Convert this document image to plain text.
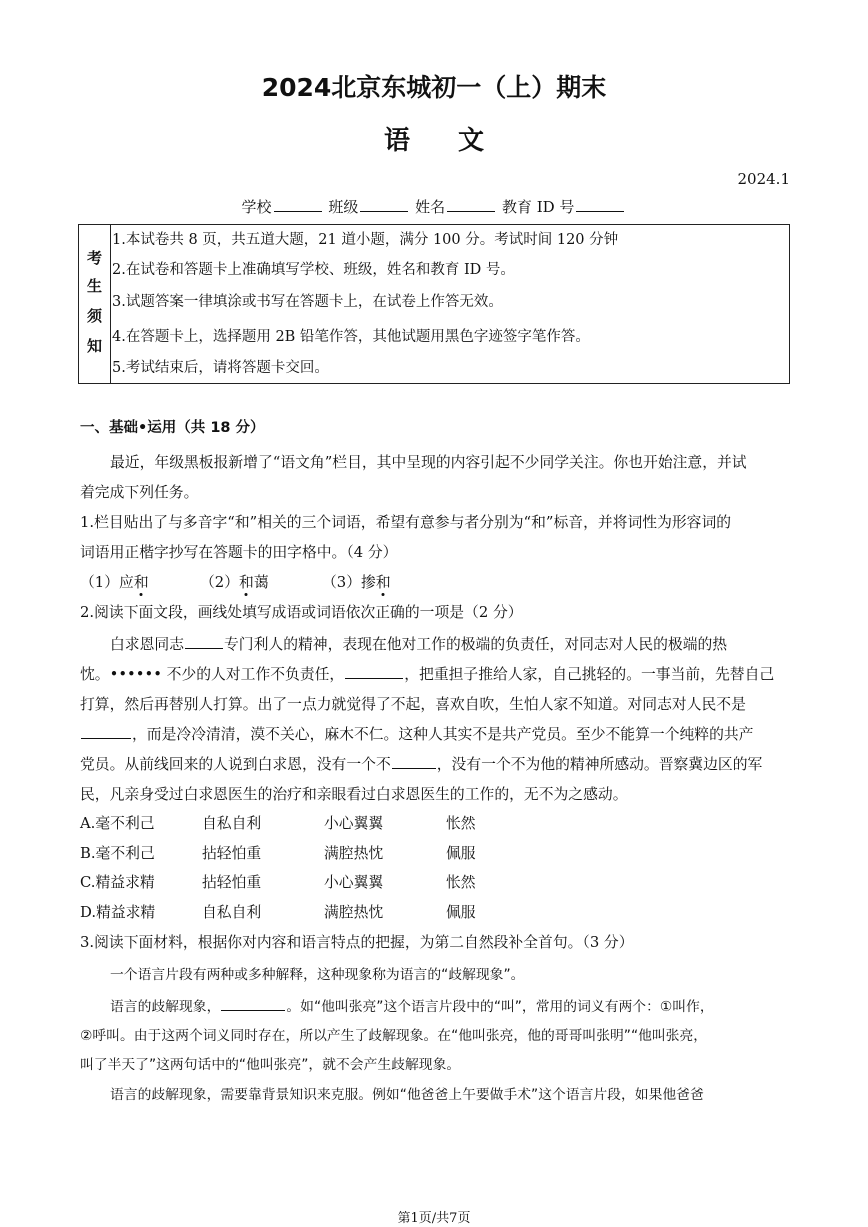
2024北京东城初一（上）期末
语文
2024.1
学校	班级	姓名	教育 ID 号
考
生
须
知
1.本试卷共 8 页，共五道大题，21 道小题，满分 100 分。考试时间 120 分钟
2.在试卷和答题卡上准确填写学校、班级，姓名和教育 ID 号。
3.试题答案一律填涂或书写在答题卡上，在试卷上作答无效。
4.在答题卡上，选择题用 2B 铅笔作答，其他试题用黑色字迹签字笔作答。
5.考试结束后，请将答题卡交回。
一、基础•运用（共 18 分）
最近，年级黑板报新增了“语文角”栏目，其中呈现的内容引起不少同学关注。你也开始注意，并试
着完成下列任务。
1.栏目贴出了与多音字“和”相关的三个词语，希望有意参与者分别为“和”标音，并将词性为形容词的
词语用正楷字抄写在答题卡的田字格中。（4 分）
（1）应和	（2）和蔼	（3）掺和
2.阅读下面文段，画线处填写成语或词语依次正确的一项是（2 分）
白求恩同志	专门利人的精神，表现在他对工作的极端的负责任，对同志对人民的极端的热
忱。•••••• 不少的人对工作不负责任，	，把重担子推给人家，自己挑轻的。一事当前，先替自己
打算，然后再替别人打算。出了一点力就觉得了不起，喜欢自吹，生怕人家不知道。对同志对人民不是
，而是冷冷清清，漠不关心，麻木不仁。这种人其实不是共产党员。至少不能算一个纯粹的共产
党员。从前线回来的人说到白求恩，没有一个不	，没有一个不为他的精神所感动。晋察冀边区的军
民，凡亲身受过白求恩医生的治疗和亲眼看过白求恩医生的工作的，无不为之感动。
A.毫不利己	自私自利	小心翼翼	怅然
B.毫不利己	拈轻怕重	满腔热忱	佩服
C.精益求精	拈轻怕重	小心翼翼	怅然
D.精益求精	自私自利	满腔热忱	佩服
3.阅读下面材料，根据你对内容和语言特点的把握，为第二自然段补全首句。（3 分）
一个语言片段有两种或多种解释，这种现象称为语言的“歧解现象”。
语言的歧解现象，	。如“他叫张亮”这个语言片段中的“叫”，常用的词义有两个：①叫作，
②呼叫。由于这两个词义同时存在，所以产生了歧解现象。在“他叫张亮，他的哥哥叫张明”“他叫张亮，
叫了半天了”这两句话中的“他叫张亮”，就不会产生歧解现象。
语言的歧解现象，需要靠背景知识来克服。例如“他爸爸上午要做手术”这个语言片段，如果他爸爸
第1页/共7页
